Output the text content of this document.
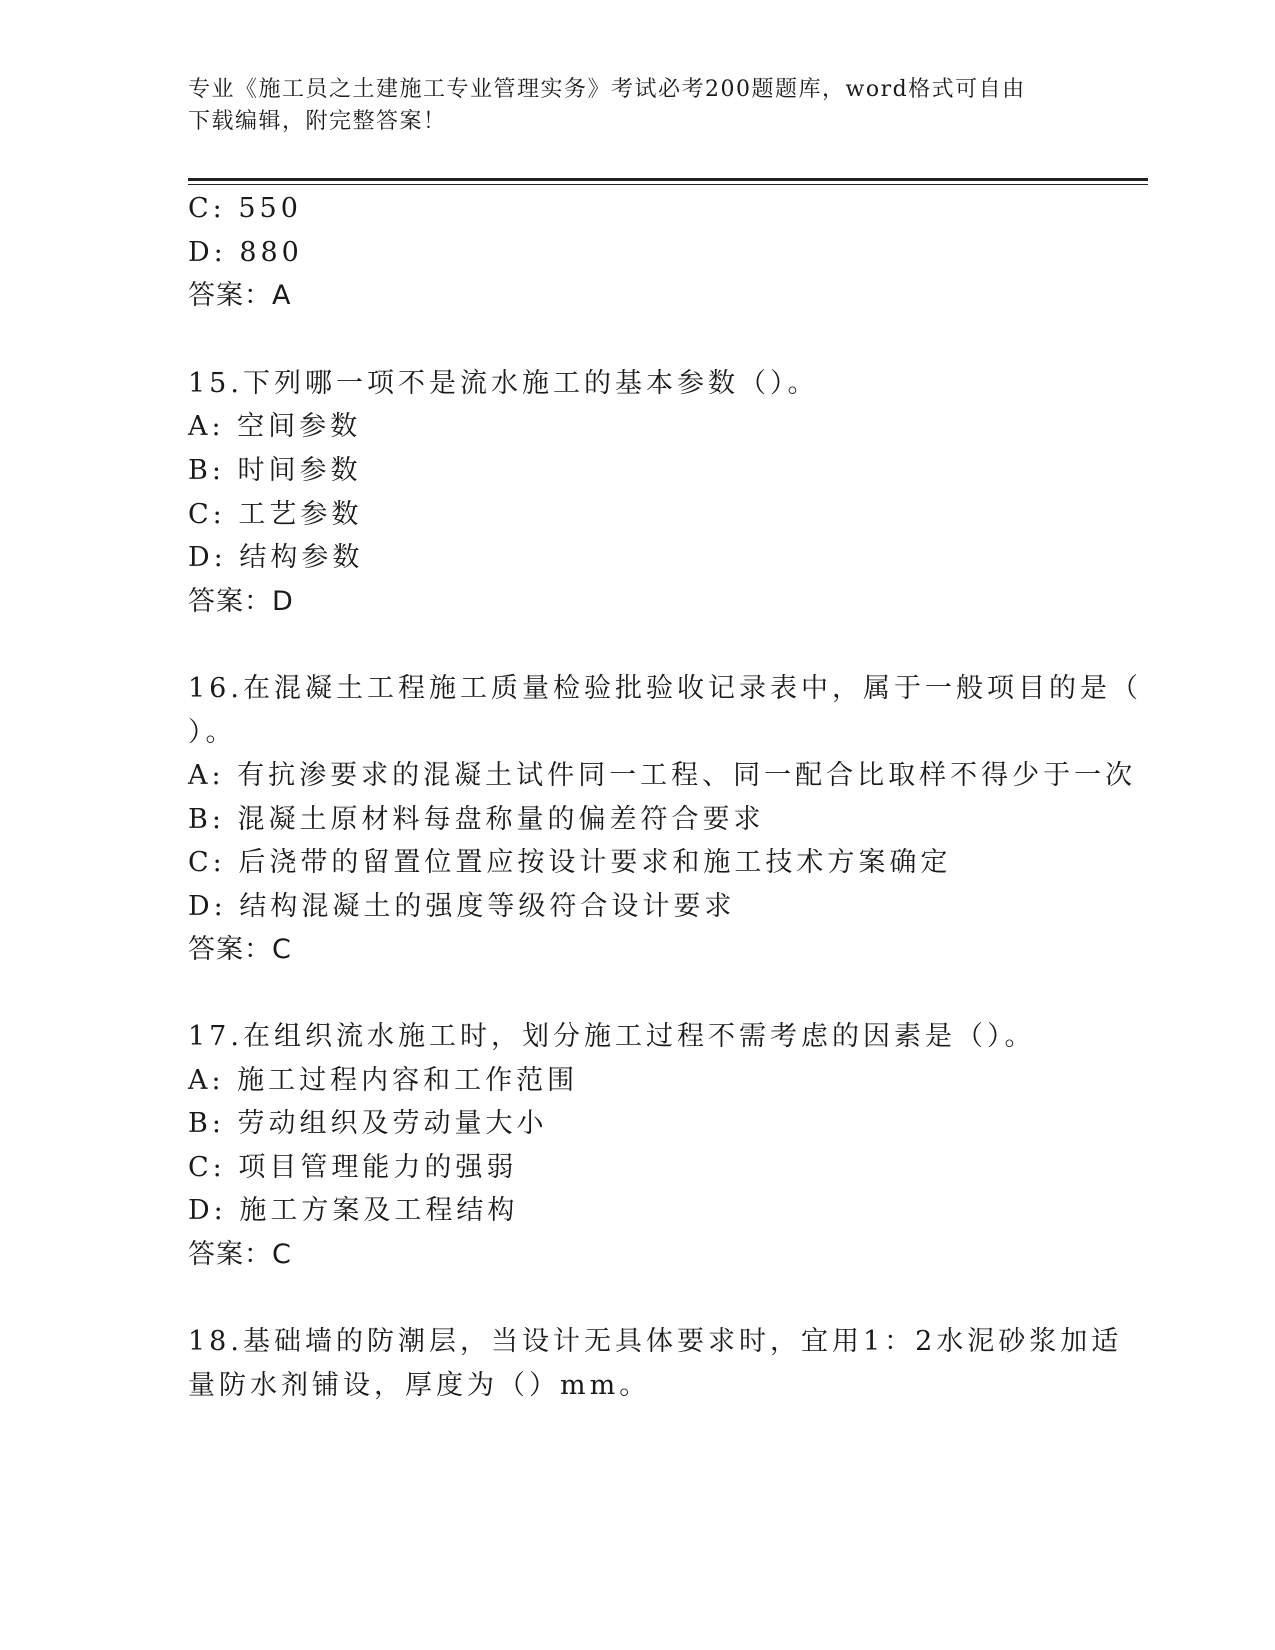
专业《施工员之土建施工专业管理实务》考试必考200题题库，word格式可自由
下载编辑，附完整答案！
C: 550
D: 880
答案：A
15.下列哪一项不是流水施工的基本参数（）。
A: 空间参数
B: 时间参数
C: 工艺参数
D: 结构参数
答案：D
16.在混凝土工程施工质量检验批验收记录表中，属于一般项目的是（
）。
A: 有抗渗要求的混凝土试件同一工程、同一配合比取样不得少于一次
B: 混凝土原材料每盘称量的偏差符合要求
C: 后浇带的留置位置应按设计要求和施工技术方案确定
D: 结构混凝土的强度等级符合设计要求
答案：C
17.在组织流水施工时，划分施工过程不需考虑的因素是（）。
A: 施工过程内容和工作范围
B: 劳动组织及劳动量大小
C: 项目管理能力的强弱
D: 施工方案及工程结构
答案：C
18.基础墙的防潮层，当设计无具体要求时，宜用1：2水泥砂浆加适
量防水剂铺设，厚度为（）mm。
